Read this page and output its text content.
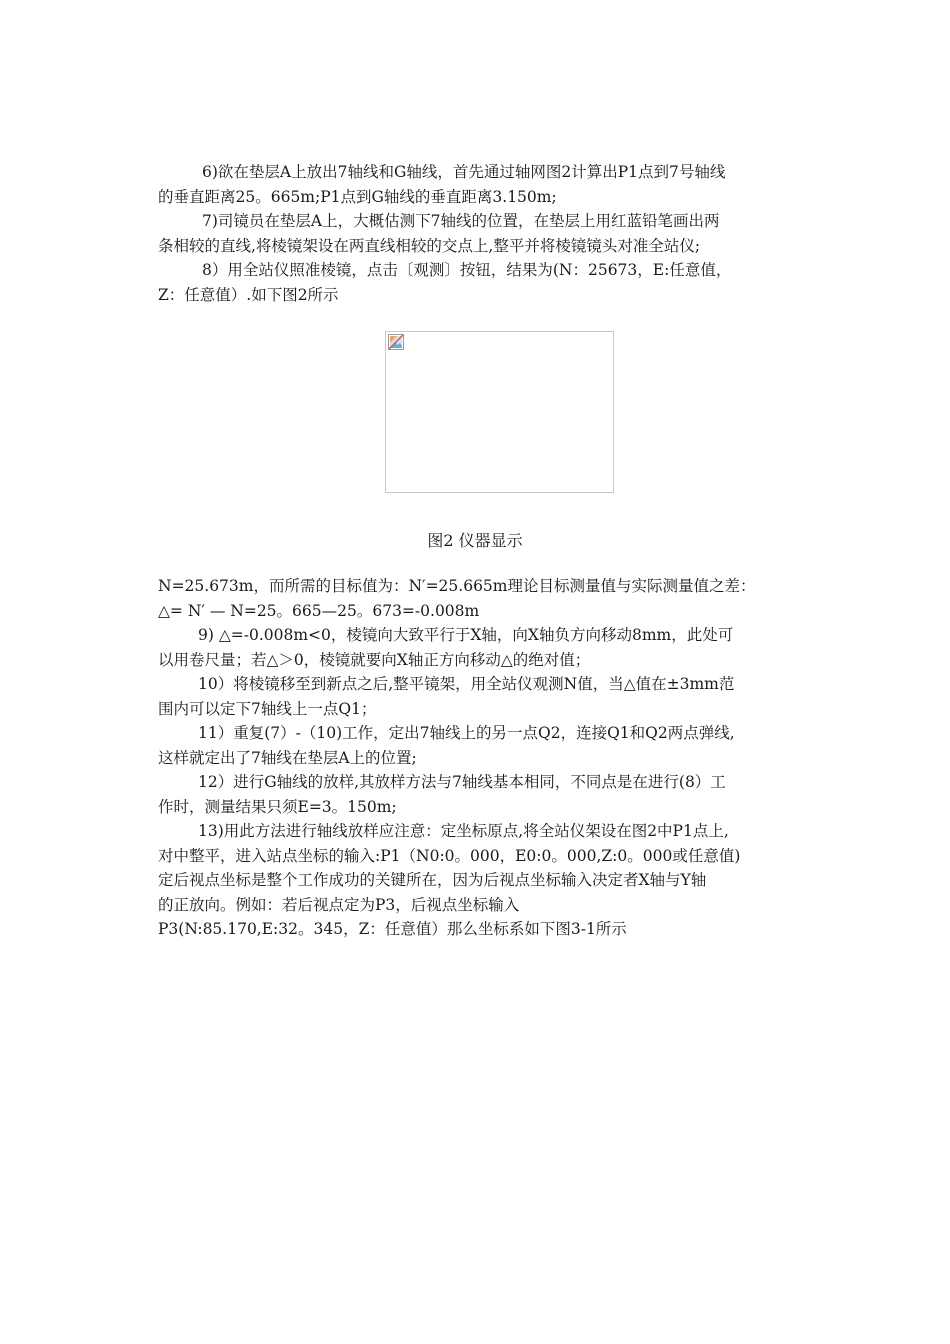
6)欲在垫层A上放出7轴线和G轴线，首先通过轴网图2计算出P1点到7号轴线

的垂直距离25。665m;P1点到G轴线的垂直距离3.150m;

7)司镜员在垫层A上，大概估测下7轴线的位置，在垫层上用红蓝铅笔画出两

条相较的直线,将棱镜架设在两直线相较的交点上,整平并将棱镜镜头对准全站仪;

8）用全站仪照准棱镜，点击〔观测〕按钮，结果为(N：25673，E:任意值，

Z：任意值）.如下图2所示

图2 仪器显示

N=25.673m，而所需的目标值为：N′=25.665m理论目标测量值与实际测量值之差：
△= N′ — N=25。665—25。673=-0.008m

9) △=-0.008m<0，棱镜向大致平行于X轴，向X轴负方向移动8mm，此处可
以用卷尺量；若△＞0，棱镜就要向X轴正方向移动△的绝对值；

10）将棱镜移至到新点之后,整平镜架，用全站仪观测N值，当△值在±3mm范
围内可以定下7轴线上一点Q1；

11）重复(7）-（10)工作，定出7轴线上的另一点Q2，连接Q1和Q2两点弹线,
这样就定出了7轴线在垫层A上的位置;

12）进行G轴线的放样,其放样方法与7轴线基本相同，不同点是在进行(8）工
作时，测量结果只须E=3。150m;

13)用此方法进行轴线放样应注意：定坐标原点,将全站仪架设在图2中P1点上,
对中整平，进入站点坐标的输入:P1（N0:0。000，E0:0。000,Z:0。000或任意值)
定后视点坐标是整个工作成功的关键所在，因为后视点坐标输入决定者X轴与Y轴
的正放向。例如：若后视点定为P3，后视点坐标输入

P3(N:85.170,E:32。345，Z：任意值）那么坐标系如下图3-1所示
